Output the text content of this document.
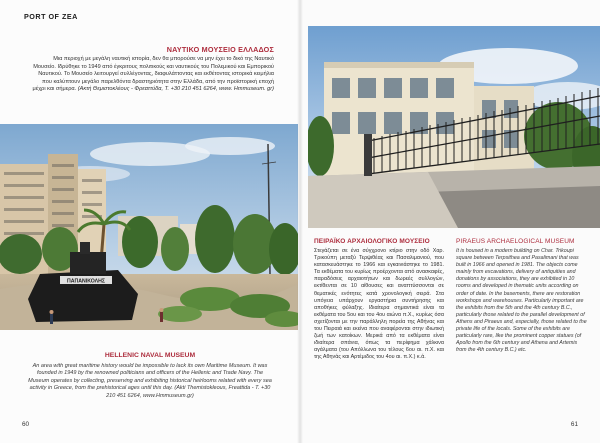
PORT OF ZEA
ΝΑΥΤΙΚΟ ΜΟΥΣΕΙΟ ΕΛΛΑΔΟΣ
Μια περιοχή με μεγάλη ναυτική ιστορία, δεν θα μπορούσε να μην έχει το δικό της Ναυτικό Μουσείο. Ιδρύθηκε το 1949 από έγκριτους πολιτικούς και ναυτικούς του Πολεμικού και Εμπορικού Ναυτικού. Το Μουσείο λειτουργεί συλλέγοντας, διαφυλάττοντας και εκθέτοντας ιστορικά κειμήλια που καλύπτουν μεγάλο παρελθόντα δραστηριότητα στην Ελλάδα, από την προϊστορική εποχή μέχρι και σήμερα. (Ακτή Θεμιστοκλέους - Φρεαττύδα, Τ. +30 210 451 6264, www. Hmmuseum. gr)
ΠΑΠΑΝΙΚΟΛΗΣ
HELLENIC NAVAL MUSEUM
An area with great maritime history would be impossible to lack its own Maritime Museum. It was founded in 1949 by the renowned politicians and officers of the Hellenic and Trade Navy. The Museum operates by collecting, preserving and exhibiting historical heirlooms related with every sea activity in Greece, from the prehistorical ages until this day. (Akti Themistokleous, Freattida - T. +30 210 451 6264, www.Hmmuseum.gr)
60
ΠΕΙΡΑΪΚΟ ΑΡΧΑΙΟΛΟΓΙΚΟ ΜΟΥΣΕΙΟ
Στεγάζεται σε ένα σύγχρονο κτίριο στην οδό Χαρ. Τρικούπη μεταξύ Τερψιθέας και Πασαλιμανιού, που κατασκευάστηκε το 1966 και εγκαινιάστηκε το 1981. Τα εκθέματα του κυρίως προέρχονται από ανασκαφές, παραδόσεις αρχαιοτήτων και δωρεές συλλογών, εκτίθενται σε 10 αίθουσες και αναπτύσσονται σε θεματικές ενότητες κατά χρονολογική σειρά. Στα υπόγεια υπάρχουν εργαστήρια συντήρησης και αποθήκες φύλαξης. Ιδιαίτερα σημαντικά είναι τα εκθέματα του 5ου και του 4ου αιώνα π.Χ., κυρίως όσα σχετίζονται με την παράλληλη πορεία της Αθήνας και του Πειραιά και εκείνα που αναφέρονται στην ιδιωτική ζωή των κατοίκων. Μερικά από τα εκθέματα είναι ιδιαίτερα σπάνια, όπως τα περίφημα χάλκινα αγάλματα (του Απόλλωνα του τέλους 6ου αι. π.Χ. και της Αθηνάς και Αρτέμιδος του 4ου αι. π.Χ.) κ.ά.
PIRAEUS ARCHAELOGICAL MUSEUM
It is housed in a modern building on Char. Trikoupi square between Terpsithea and Pasalimani that was built in 1966 and opened in 1981. The objects come mainly from excavations, delivery of antiquities and donations by associations, they are exhibited in 10 rooms and developed in thematic units according on order of date. In the basements, there are restoration workshops and warehouses. Particularly important are the exhibits from the 5th and the 4th century B.C., particularly those related to the parallel development of Athens and Piraeus and, especially, those related to the private life of the locals. Some of the exhibits are particularly rare, like the prominent copper statues (of Apollo from the 6th century and Athena and Artemis from the 4th century B.C.) etc.
61
